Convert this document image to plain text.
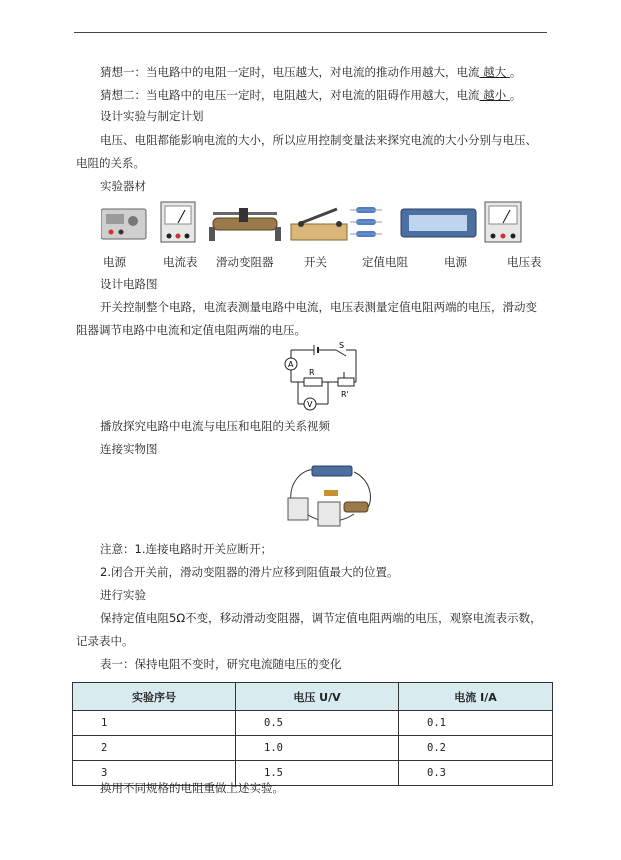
猜想一：当电路中的电阻一定时，电压越大，对电流的推动作用越大，电流 越大 。
猜想二：当电路中的电压一定时，电阻越大，对电流的阻碍作用越大，电流 越小 。
设计实验与制定计划
电压、电阻都能影响电流的大小，所以应用控制变量法来探究电流的大小分别与电压、
电阻的关系。
实验器材
电源	电流表 滑动变阻器	开关	定值电阻	电源	电压表
设计电路图
开关控制整个电路，电流表测量电路中电流，电压表测量定值电阻两端的电压，滑动变
阻器调节电路中电流和定值电阻两端的电压。
A
V
R
R'
S
播放探究电路中电流与电压和电阻的关系视频
连接实物图
注意：1.连接电路时开关应断开；
2.闭合开关前，滑动变阻器的滑片应移到阻值最大的位置。
进行实验
保持定值电阻5Ω不变，移动滑动变阻器，调节定值电阻两端的电压，观察电流表示数，
记录表中。
表一：保持电阻不变时，研究电流随电压的变化
实验序号	电压 U/V	电流 I/A
1	0.5	0.1
2	1.0	0.2
3	1.5	0.3
换用不同规格的电阻重做上述实验。
